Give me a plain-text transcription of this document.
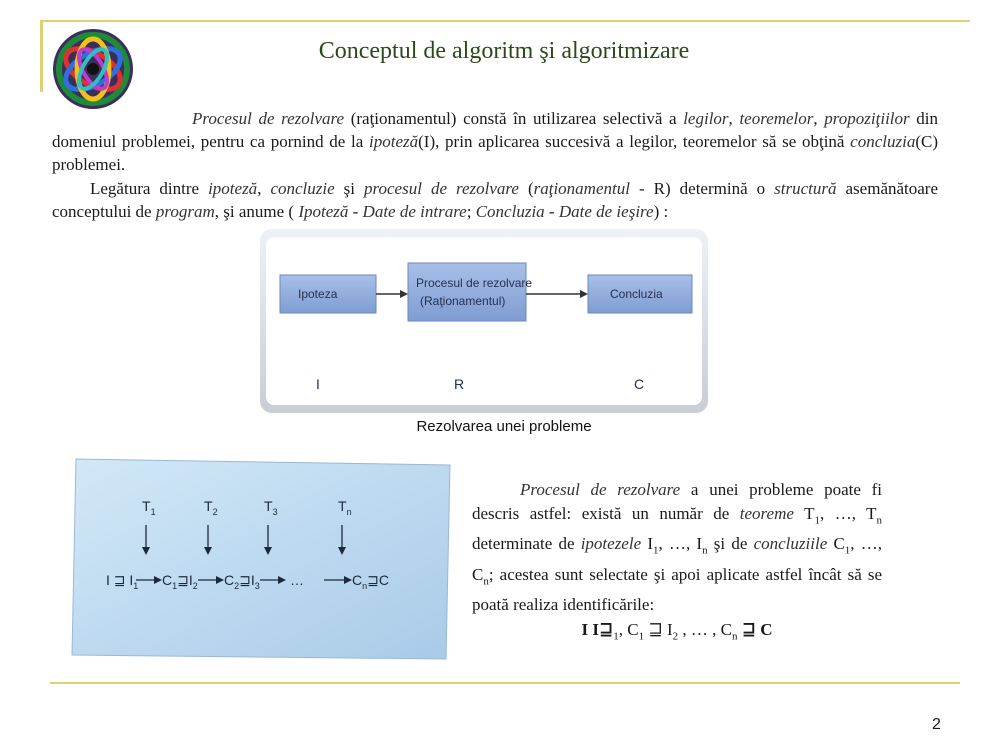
Conceptul de algoritm şi algoritmizare
Procesul de rezolvare (raţionamentul) constă în utilizarea selectivă a legilor, teoremelor, propoziţiilor din domeniul problemei, pentru ca pornind de la ipoteză(I), prin aplicarea succesivă a legilor, teoremelor să se obţină concluzia(C) problemei.
Legătura dintre ipoteză, concluzie şi procesul de rezolvare (raţionamentul - R) determină o structură asemănătoare conceptului de program, şi anume ( Ipoteză - Date de intrare; Concluzia - Date de ieşire) :
Ipoteza
Procesul de rezolvare
(Raţionamentul)	Concluzia
I	R	C
Rezolvarea unei probleme
$T_1$	$T_2$	$T_3$	$T_n$
I ⊒ $I_1$ $C_1⊒I_2$ $C_2⊒I_3$ …	$C_n⊒C$
Procesul de rezolvare a unei probleme poate fi descris astfel: există un număr de teoreme $T_1$, …, $T_n$ determinate de ipotezele $I_1$, …, $I_n$ şi de concluziile $C_1$, …, $C_n$; acestea sunt selectate şi apoi aplicate astfel încât să se poată realiza identificările:
I $I⊒_1$, $C_1$ ⊒ $I_2$ , … , $C_n$ ⊒ C
2
